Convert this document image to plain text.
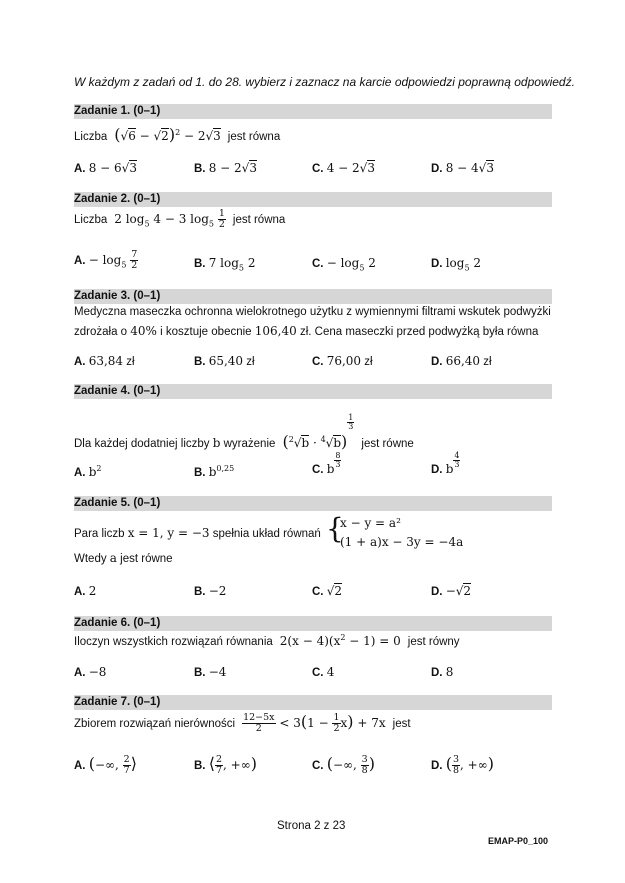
W każdym z zadań od 1. do 28. wybierz i zaznacz na karcie odpowiedzi poprawną odpowiedź.
Zadanie 1. (0–1)
Liczba $(√6 - √2)^2 - 2√3$ jest równa
A. 8 − 6√3	B. 8 − 2√3	C. 4 − 2√3	D. 8 − 4√3
Zadanie 2. (0–1)
Liczba  2 $\log_5 4 - 3$ $\log_5 \frac{1}{2}$ jest równa
A. − $\log_5 \frac{7}{2}$	B. 7 $\log_5 2$	C. − $\log_5 2$	D. $\log_5 2$
Zadanie 3. (0–1)
Medyczna maseczka ochronna wielokrotnego użytku z wymiennymi filtrami wskutek podwyżki
zdrożała o 40% i kosztuje obecnie 106,40 zł. Cena maseczki przed podwyżką była równa
A. 63,84 zł	B. 65,40 zł	C. 76,00 zł	D. 66,40 zł
Zadanie 4. (0–1)
Dla każdej dodatniej liczby b wyrażenie ($^2$√b · $^4$√b)
$\frac{1}{3}$
jest równe
A. $b^2$	B. $b^{0,25}$	C. b $\frac{8}{3}$
D. b $\frac{4}{3}$
Zadanie 5. (0–1)
Para liczb x = 1, y = −3 spełnia układ równań {
x − y = a²
(1 + a)x − 3y = −4a
Wtedy a jest równe
A. 2	B. −2	C. √2	D. −√2
Zadanie 6. (0–1)
Iloczyn wszystkich rozwiązań równania  $2(x - 4)(x^2 - 1) = 0$  jest równy
A. −8	B. −4	C. 4	D. 8
Zadanie 7. (0–1)
Zbiorem rozwiązań nierówności $\frac{12-5x}{2} < 3(1 - \frac{1}{2} x) + 7x$  jest
A. (−∞, $\frac{2}{7}$ ⟩	B. ⟨ $\frac{2}{7}$ , +∞)	C. (−∞, $\frac{3}{8}$ )	D. ( $\frac{3}{8}$ , +∞)
Strona 2 z 23
EMAP-P0_100
